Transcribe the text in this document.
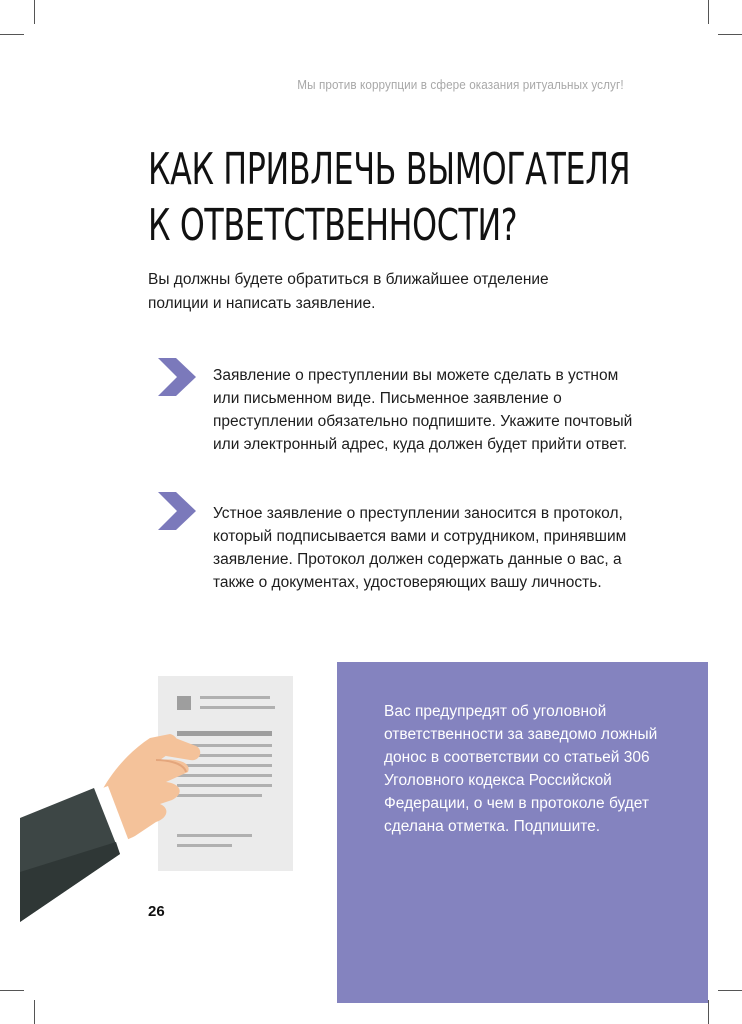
Мы против коррупции в сфере оказания ритуальных услуг!
КАК ПРИВЛЕЧЬ ВЫМОГАТЕЛЯ
К ОТВЕТСТВЕННОСТИ?

Вы должны будете обратиться в ближайшее отделение полиции и написать заявление.

Заявление о преступлении вы можете сделать в устном или письменном виде. Письменное заявление о преступлении обязательно подпишите. Укажите почтовый или электронный адрес, куда должен будет прийти ответ.

Устное заявление о преступлении заносится в протокол, который подписывается вами и сотрудником, принявшим заявление. Протокол должен содержать данные о вас, а также о документах, удостоверяющих вашу личность.

Вас предупредят об уголовной ответственности за заведомо ложный донос в соответствии со статьей 306 Уголовного кодекса Российской Федерации, о чем в протоколе будет сделана отметка. Подпишите.

26
